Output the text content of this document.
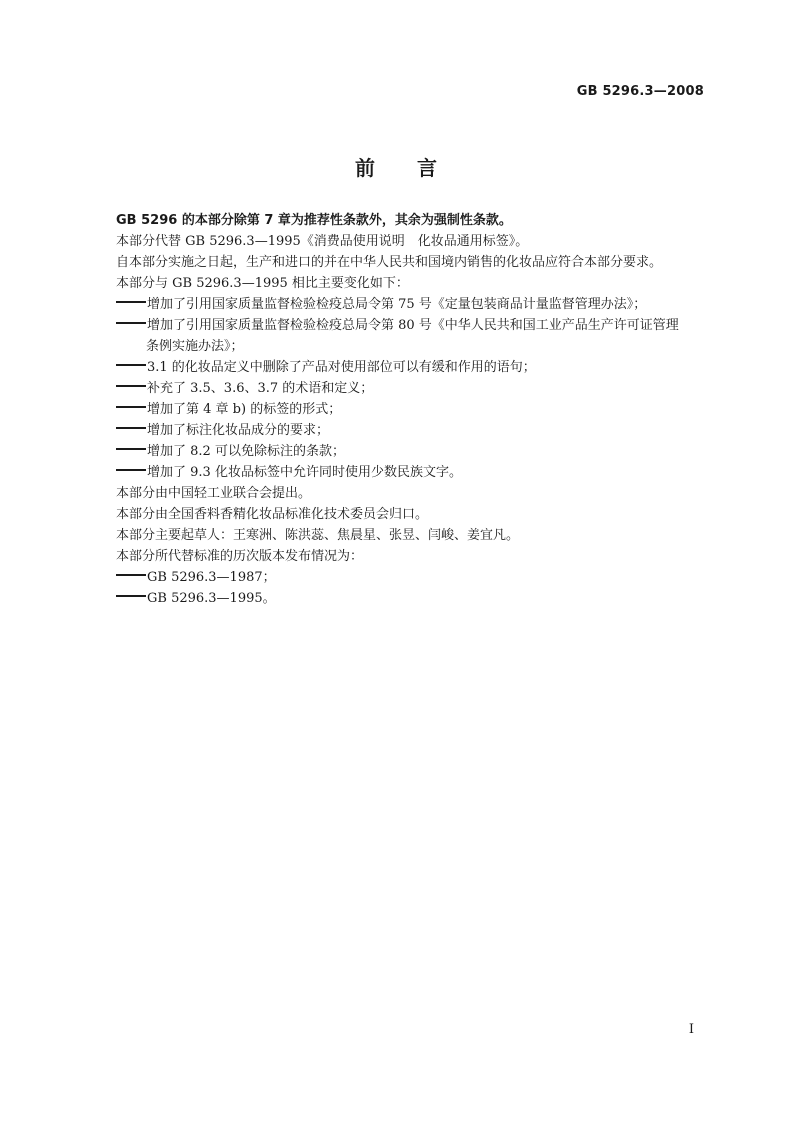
GB 5296.3—2008
前 言
GB 5296 的本部分除第 7 章为推荐性条款外，其余为强制性条款。
本部分代替 GB 5296.3—1995《消费品使用说明　化妆品通用标签》。
自本部分实施之日起，生产和进口的并在中华人民共和国境内销售的化妆品应符合本部分要求。
本部分与 GB 5296.3—1995 相比主要变化如下：
增加了引用国家质量监督检验检疫总局令第 75 号《定量包装商品计量监督管理办法》；
增加了引用国家质量监督检验检疫总局令第 80 号《中华人民共和国工业产品生产许可证管理
条例实施办法》；
3.1 的化妆品定义中删除了产品对使用部位可以有缓和作用的语句；
补充了 3.5、3.6、3.7 的术语和定义；
增加了第 4 章 b) 的标签的形式；
增加了标注化妆品成分的要求；
增加了 8.2 可以免除标注的条款；
增加了 9.3 化妆品标签中允许同时使用少数民族文字。
本部分由中国轻工业联合会提出。
本部分由全国香料香精化妆品标准化技术委员会归口。
本部分主要起草人：王寒洲、陈洪蕊、焦晨星、张昱、闫峻、姜宜凡。
本部分所代替标准的历次版本发布情况为：
GB 5296.3—1987；
GB 5296.3—1995。
I
